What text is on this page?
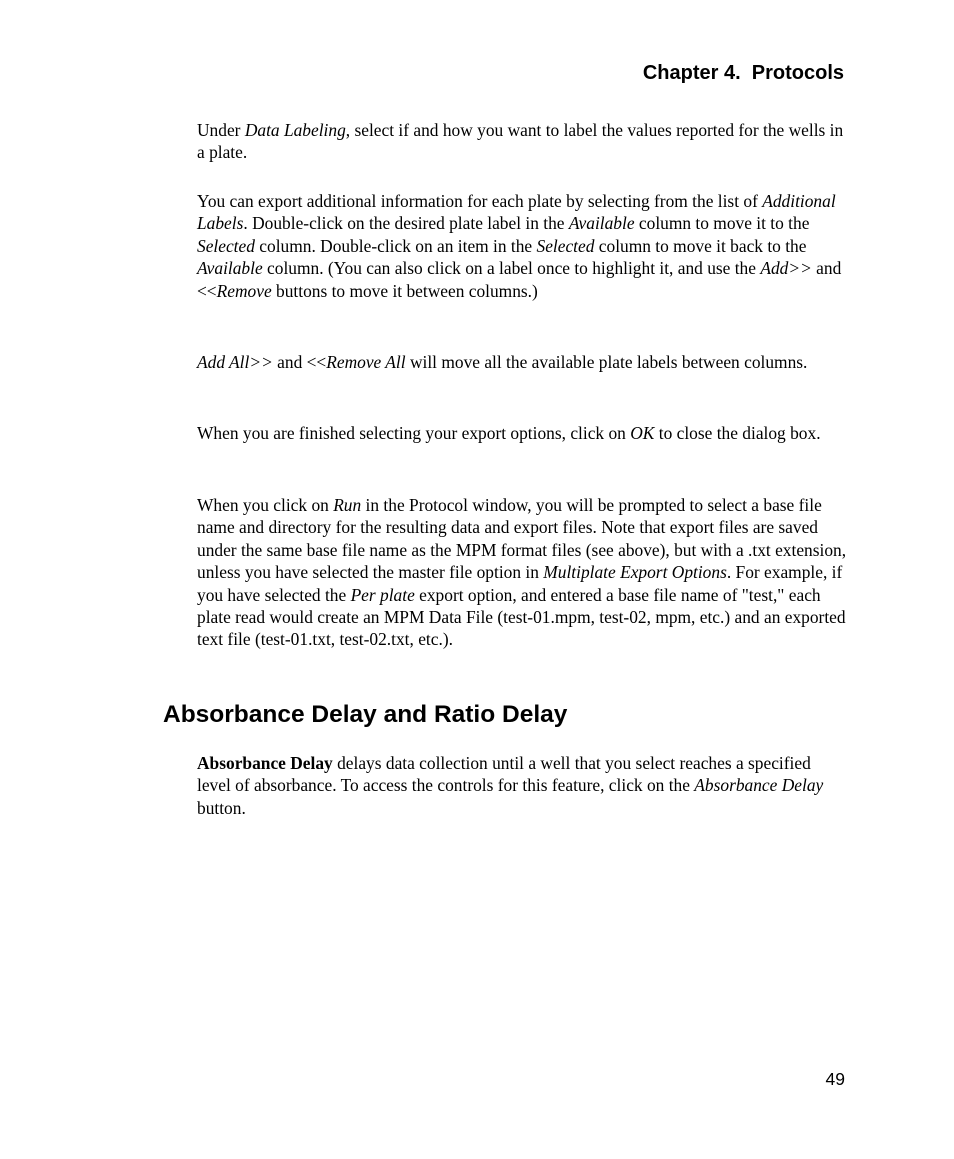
Chapter 4.  Protocols

Under Data Labeling, select if and how you want to label the values reported for the wells in a plate.

You can export additional information for each plate by selecting from the list of Additional Labels. Double-click on the desired plate label in the Available column to move it to the Selected column. Double-click on an item in the Selected column to move it back to the Available column. (You can also click on a label once to highlight it, and use the Add>> and <<Remove buttons to move it between columns.)

Add All>> and <<Remove All will move all the available plate labels between columns.

When you are finished selecting your export options, click on OK to close the dialog box.

When you click on Run in the Protocol window, you will be prompted to select a base file name and directory for the resulting data and export files. Note that export files are saved under the same base file name as the MPM format files (see above), but with a .txt extension, unless you have selected the master file option in Multiplate Export Options. For example, if you have selected the Per plate export option, and entered a base file name of "test," each plate read would create an MPM Data File (test-01.mpm, test-02, mpm, etc.) and an exported text file (test-01.txt, test-02.txt, etc.).

Absorbance Delay and Ratio Delay

Absorbance Delay delays data collection until a well that you select reaches a specified level of absorbance. To access the controls for this feature, click on the Absorbance Delay button.

49
